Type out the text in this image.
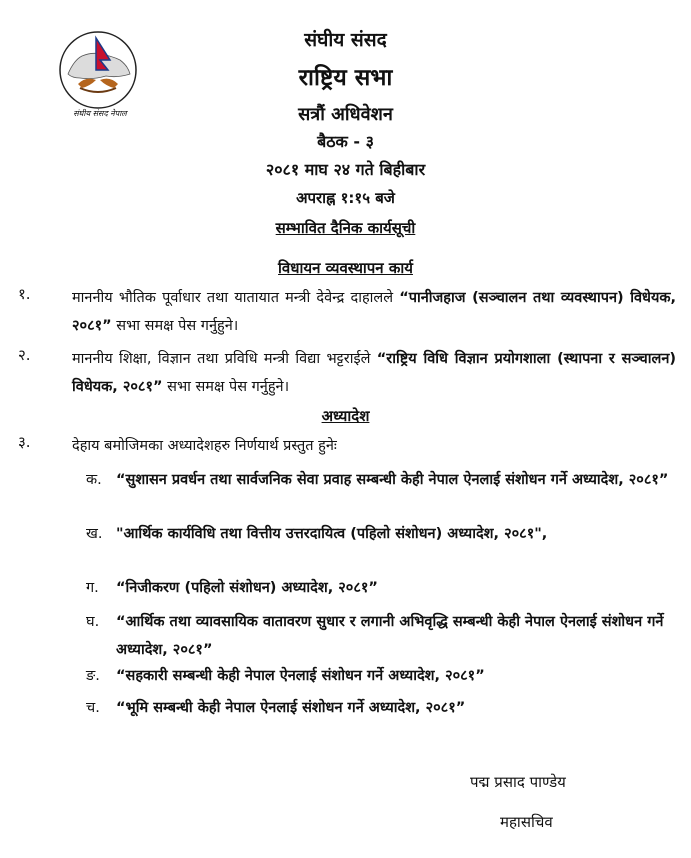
संघीय संसद नेपाल
संघीय संसद
राष्ट्रिय सभा
सत्रौं अधिवेशन
बैठक - ३
२०८१ माघ २४ गते बिहीबार
अपराह्न १:१५ बजे
सम्भावित दैनिक कार्यसूची
विधायन व्यवस्थापन कार्य
१.	माननीय भौतिक पूर्वाधार तथा यातायात मन्त्री देवेन्द्र दाहालले “पानीजहाज (सञ्चालन तथा व्यवस्थापन) विधेयक, २०८१” सभा समक्ष पेस गर्नुहुने।
२.	माननीय शिक्षा, विज्ञान तथा प्रविधि मन्त्री विद्या भट्टराईले “राष्ट्रिय विधि विज्ञान प्रयोगशाला (स्थापना र सञ्चालन) विधेयक, २०८१” सभा समक्ष पेस गर्नुहुने।
अध्यादेश
३.	देहाय बमोजिमका अध्यादेशहरु निर्णयार्थ प्रस्तुत हुनेः
क. “सुशासन प्रवर्धन तथा सार्वजनिक सेवा प्रवाह सम्बन्धी केही नेपाल ऐनलाई संशोधन गर्ने अध्यादेश, २०८१”
ख. "आर्थिक कार्यविधि तथा वित्तीय उत्तरदायित्व (पहिलो संशोधन) अध्यादेश, २०८१",
ग. “निजीकरण (पहिलो संशोधन) अध्यादेश, २०८१”
घ. “आर्थिक तथा व्यावसायिक वातावरण सुधार र लगानी अभिवृद्धि सम्बन्धी केही नेपाल ऐनलाई संशोधन गर्ने अध्यादेश, २०८१”
ङ. “सहकारी सम्बन्धी केही नेपाल ऐनलाई संशोधन गर्ने अध्यादेश, २०८१”
च. “भूमि सम्बन्धी केही नेपाल ऐनलाई संशोधन गर्ने अध्यादेश, २०८१”
पद्म प्रसाद पाण्डेय
महासचिव
